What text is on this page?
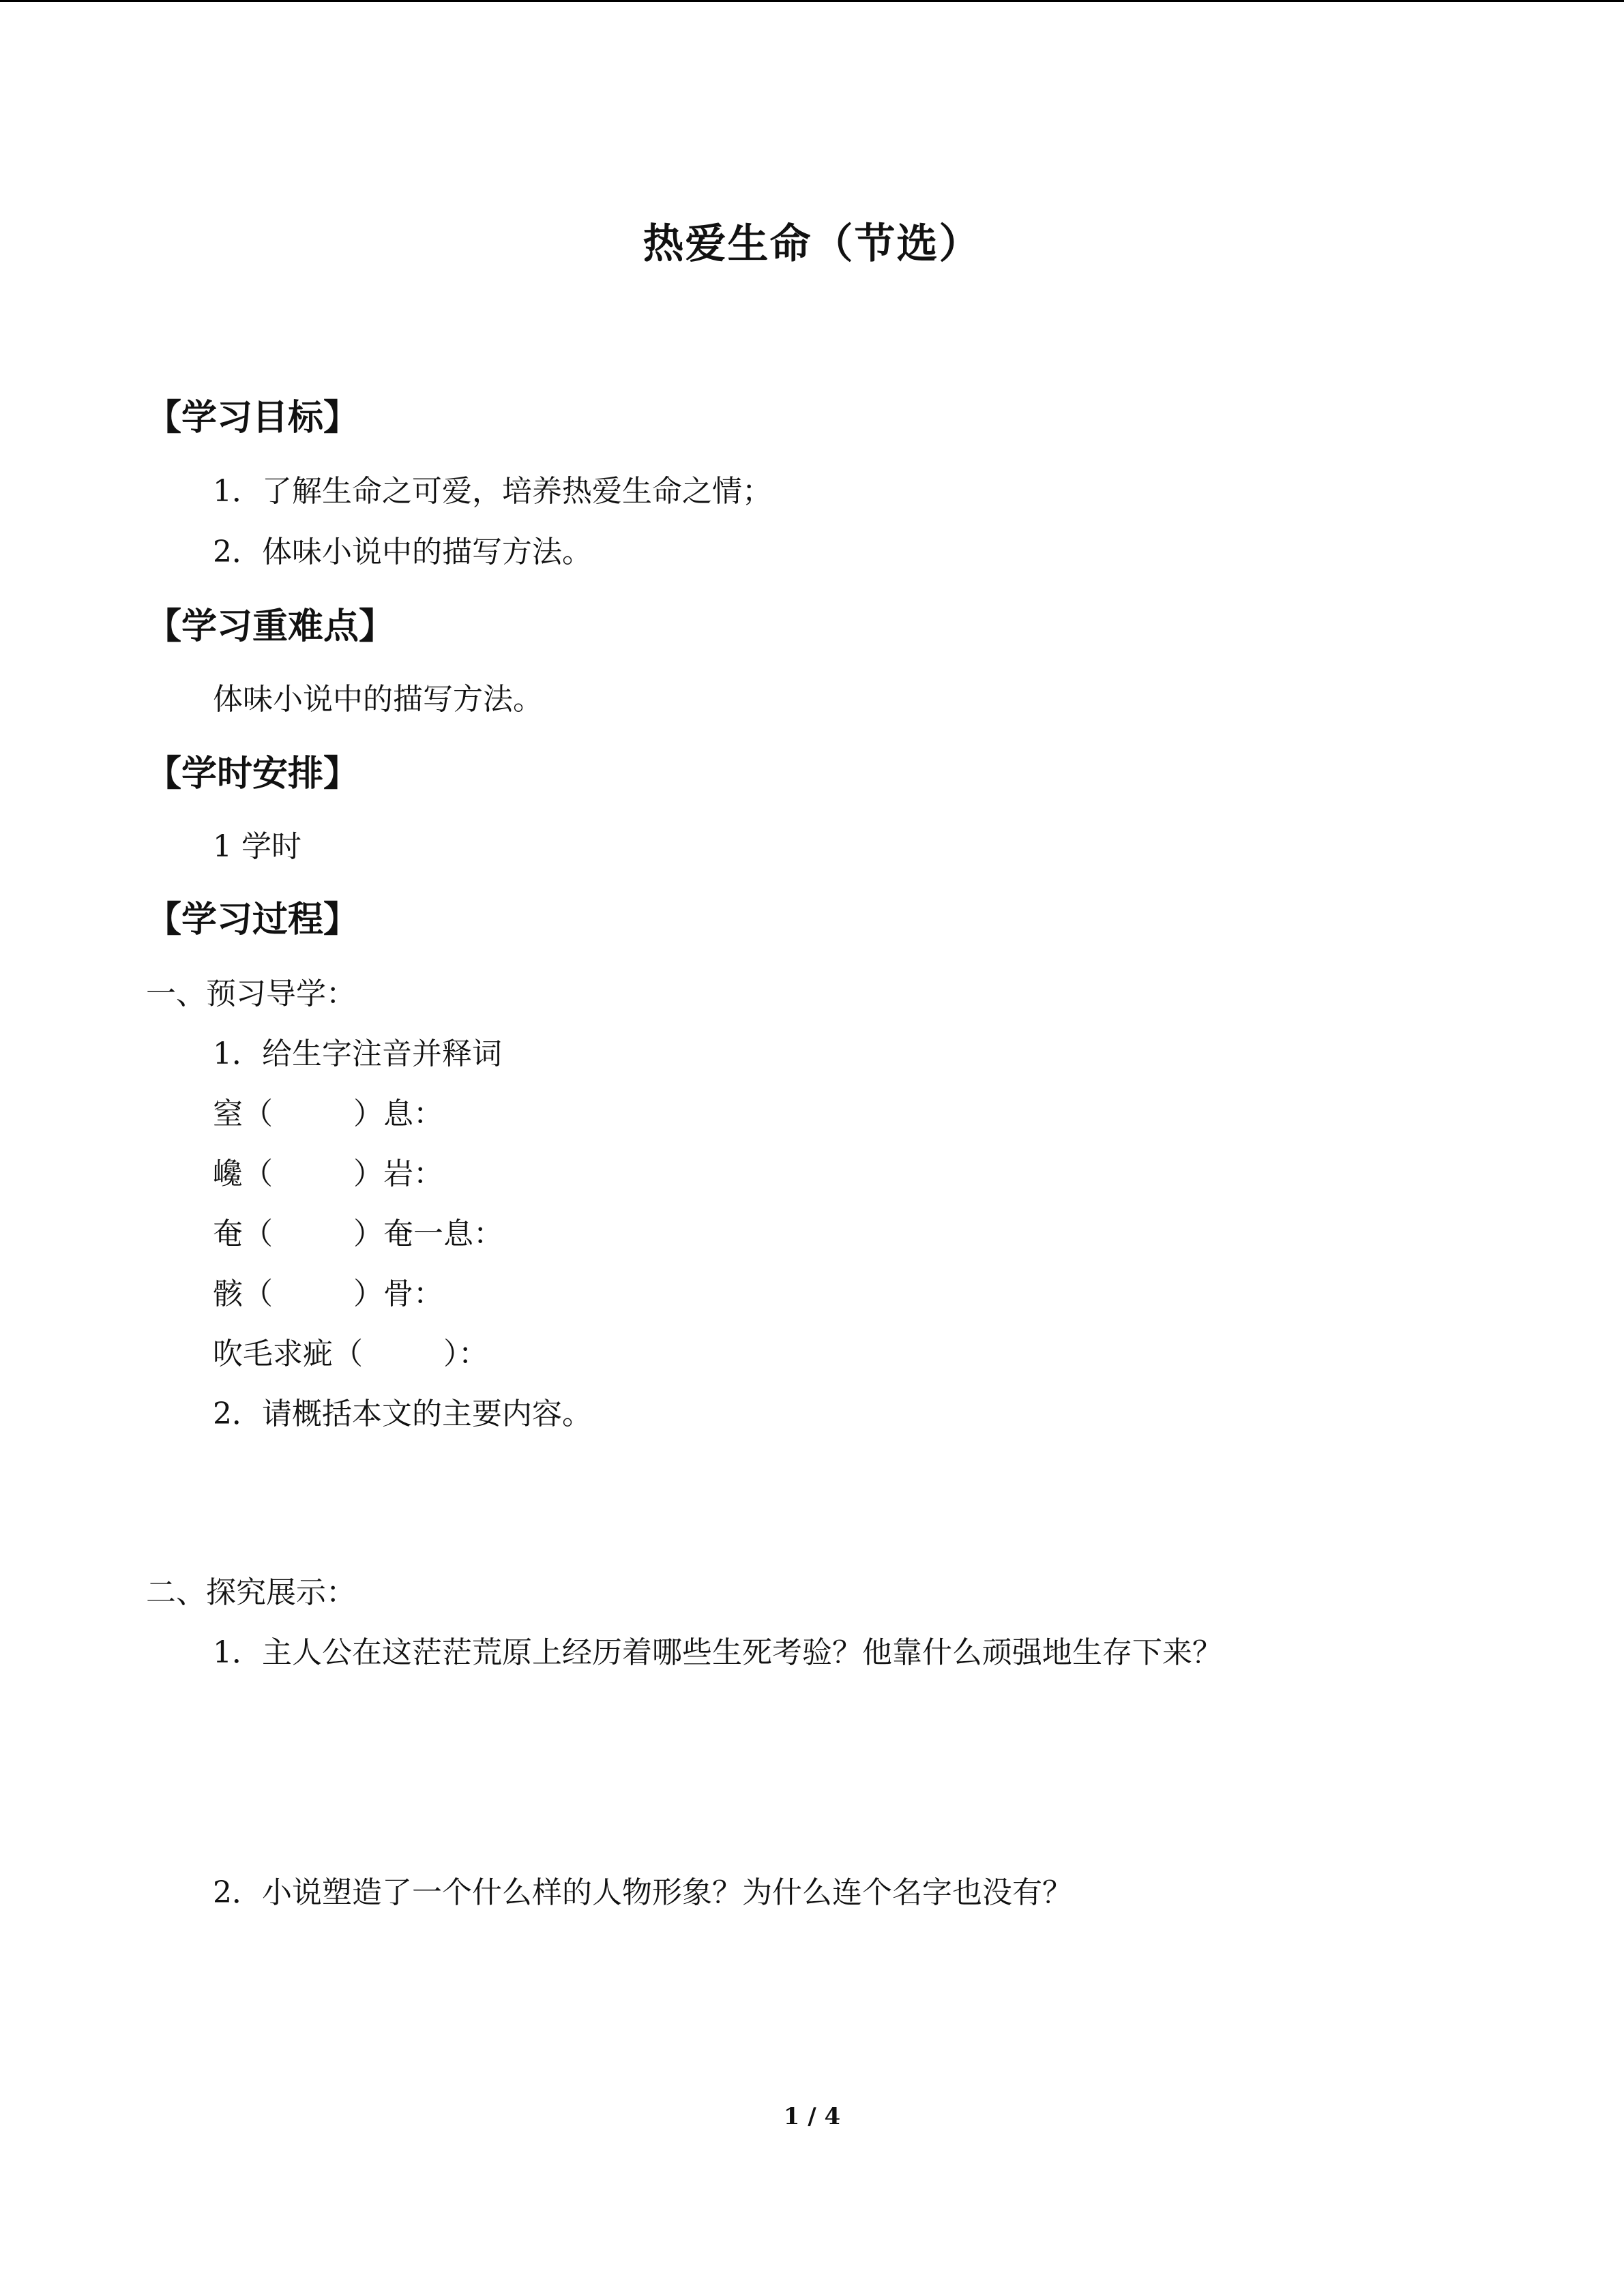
热爱生命（节选）
【学习目标】
1．了解生命之可爱，培养热爱生命之情；
2．体味小说中的描写方法。
【学习重难点】
体味小说中的描写方法。
【学时安排】
1 学时
【学习过程】
一、预习导学：
1．给生字注音并释词
窒（	）息：
巉（	）岩：
奄（	）奄一息：
骸（	）骨：
吹毛求疵（	）：
2．请概括本文的主要内容。
二、探究展示：
1．主人公在这茫茫荒原上经历着哪些生死考验？他靠什么顽强地生存下来？
2．小说塑造了一个什么样的人物形象？为什么连个名字也没有？
1 / 4
